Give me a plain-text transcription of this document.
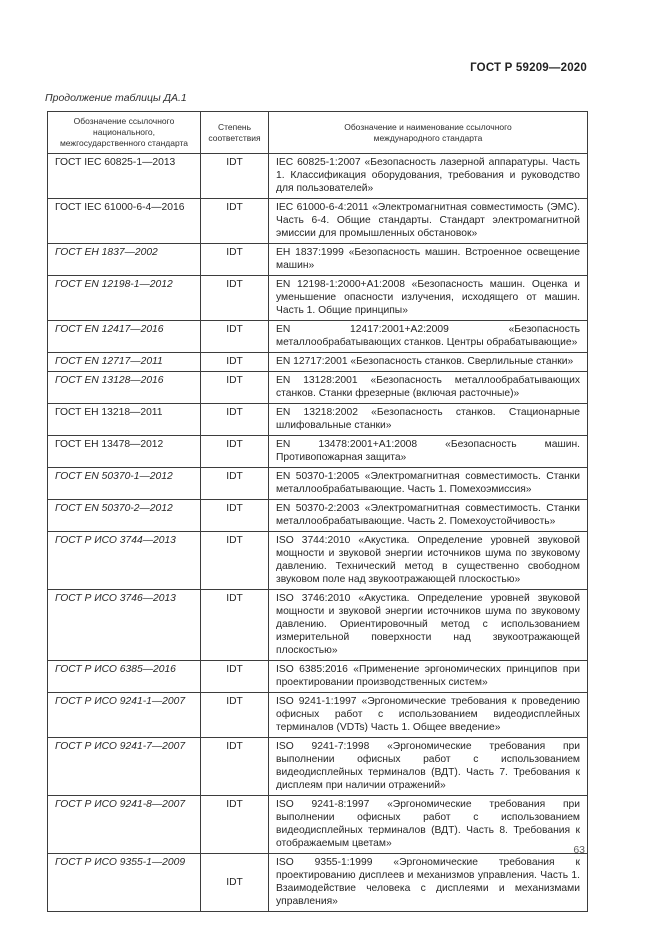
ГОСТ Р 59209—2020
Продолжение таблицы ДА.1
Обозначение ссылочного национального, межгосударственного стандарта	Степень соответствия	Обозначение и наименование ссылочного международного стандарта
ГОСТ IEC 60825-1—2013	IDT	IEC 60825-1:2007 «Безопасность лазерной аппаратуры. Часть 1. Классификация оборудования, требования и руководство для пользователей»
ГОСТ IEC 61000-6-4—2016	IDT	IEC 61000-6-4:2011 «Электромагнитная совместимость (ЭМС). Часть 6-4. Общие стандарты. Стандарт электромагнитной эмиссии для промышленных обстановок»
ГОСТ ЕН 1837—2002	IDT	ЕН 1837:1999 «Безопасность машин. Встроенное освещение машин»
ГОСТ EN 12198-1—2012	IDT	EN 12198-1:2000+А1:2008 «Безопасность машин. Оценка и уменьшение опасности излучения, исходящего от машин. Часть 1. Общие принципы»
ГОСТ EN 12417—2016	IDT	EN 12417:2001+А2:2009 «Безопасность металлообрабатывающих станков. Центры обрабатывающие»
ГОСТ EN 12717—2011	IDT	EN 12717:2001 «Безопасность станков. Сверлильные станки»
ГОСТ EN 13128—2016	IDT	EN 13128:2001 «Безопасность металлообрабатывающих станков. Станки фрезерные (включая расточные)»
ГОСТ ЕН 13218—2011	IDT	EN 13218:2002 «Безопасность станков. Стационарные шлифовальные станки»
ГОСТ ЕН 13478—2012	IDT	EN 13478:2001+А1:2008 «Безопасность машин. Противопожарная защита»
ГОСТ EN 50370-1—2012	IDT	EN 50370-1:2005 «Электромагнитная совместимость. Станки металлообрабатывающие. Часть 1. Помехоэмиссия»
ГОСТ EN 50370-2—2012	IDT	EN 50370-2:2003 «Электромагнитная совместимость. Станки металлообрабатывающие. Часть 2. Помехоустойчивость»
ГОСТ Р ИСО 3744—2013	IDT	ISO 3744:2010 «Акустика. Определение уровней звуковой мощности и звуковой энергии источников шума по звуковому давлению. Технический метод в существенно свободном звуковом поле над звукоотражающей плоскостью»
ГОСТ Р ИСО 3746—2013	IDT	ISO 3746:2010 «Акустика. Определение уровней звуковой мощности и звуковой энергии источников шума по звуковому давлению. Ориентировочный метод с использованием измерительной поверхности над звукоотражающей плоскостью»
ГОСТ Р ИСО 6385—2016	IDT	ISO 6385:2016 «Применение эргономических принципов при проектировании производственных систем»
ГОСТ Р ИСО 9241-1—2007	IDT	ISO 9241-1:1997 «Эргономические требования к проведению офисных работ с использованием видеодисплейных терминалов (VDTs) Часть 1. Общее введение»
ГОСТ Р ИСО 9241-7—2007	IDT	ISO 9241-7:1998 «Эргономические требования при выполнении офисных работ с использованием видеодисплейных терминалов (ВДТ). Часть 7. Требования к дисплеям при наличии отражений»
ГОСТ Р ИСО 9241-8—2007	IDT	ISO 9241-8:1997 «Эргономические требования при выполнении офисных работ с использованием видеодисплейных терминалов (ВДТ). Часть 8. Требования к отображаемым цветам»
ГОСТ Р ИСО 9355-1—2009	IDT	ISO 9355-1:1999 «Эргономические требования к проектированию дисплеев и механизмов управления. Часть 1. Взаимодействие человека с дисплеями и механизмами управления»
63
